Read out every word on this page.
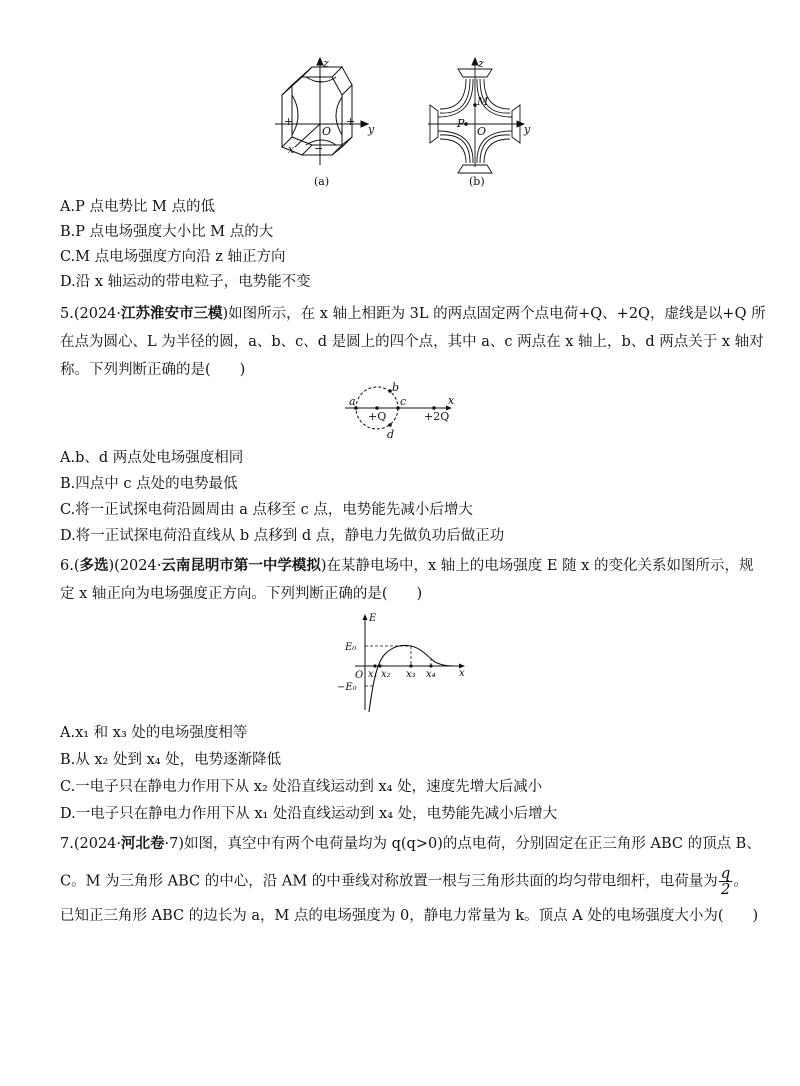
−
−
+	+
z
y
x
O
(a)
z
y
M
P
O
(b)
A.P 点电势比 M 点的低
B.P 点电场强度大小比 M 点的大
C.M 点电场强度方向沿 z 轴正方向
D.沿 x 轴运动的带电粒子，电势能不变
5.(2024·江苏淮安市三模)如图所示，在 x 轴上相距为 3L 的两点固定两个点电荷+Q、+2Q，虚线是以+Q 所
在点为圆心、L 为半径的圆，a、b、c、d 是圆上的四个点，其中 a、c 两点在 x 轴上，b、d 两点关于 x 轴对
称。下列判断正确的是(　　)
a
b
c
d
+Q	+2Q
x
A.b、d 两点处电场强度相同
B.四点中 c 点处的电势最低
C.将一正试探电荷沿圆周由 a 点移至 c 点，电势能先减小后增大
D.将一正试探电荷沿直线从 b 点移到 d 点，静电力先做负功后做正功
6.(多选)(2024·云南昆明市第一中学模拟)在某静电场中，x 轴上的电场强度 E 随 x 的变化关系如图所示，规
定 x 轴正向为电场强度正方向。下列判断正确的是(　　)
E
E₀
−E₀
O x₁ x₂ x₃ x₄ x
A.x₁ 和 x₃ 处的电场强度相等
B.从 x₂ 处到 x₄ 处，电势逐渐降低
C.一电子只在静电力作用下从 x₂ 处沿直线运动到 x₄ 处，速度先增大后减小
D.一电子只在静电力作用下从 x₁ 处沿直线运动到 x₄ 处，电势能先减小后增大
7.(2024·河北卷·7)如图，真空中有两个电荷量均为 q(q>0)的点电荷，分别固定在正三角形 ABC 的顶点 B、
C。M 为三角形 ABC 的中心，沿 AM 的中垂线对称放置一根与三角形共面的均匀带电细杆，电荷量为 $\frac{q}{2}$ 。
已知正三角形 ABC 的边长为 a，M 点的电场强度为 0，静电力常量为 k。顶点 A 处的电场强度大小为(　　)
